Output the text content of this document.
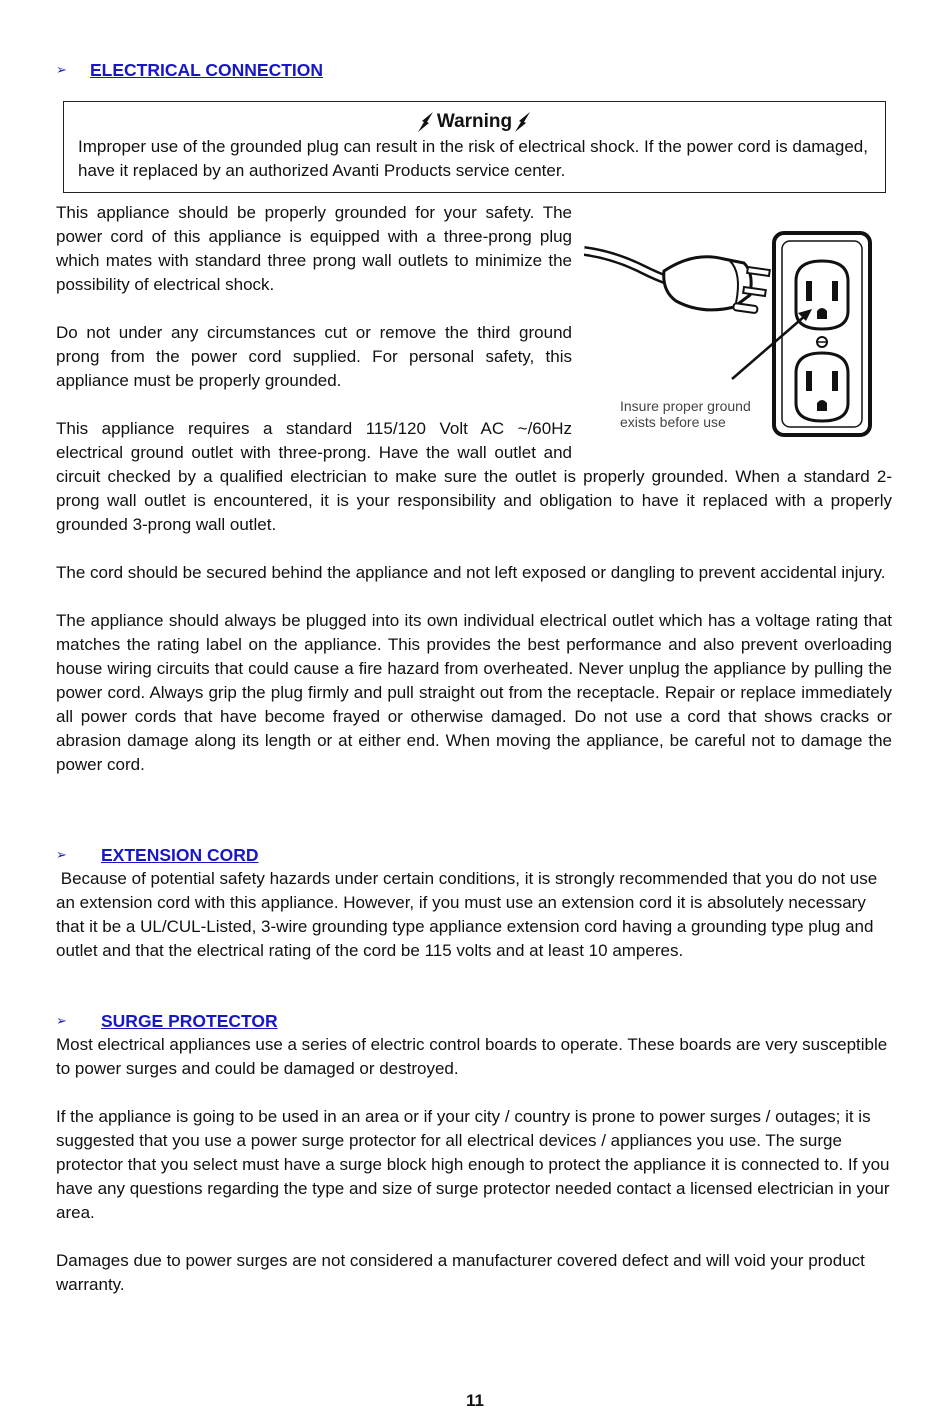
➢	ELECTRICAL CONNECTION
Warning
Improper use of the grounded plug can result in the risk of electrical shock. If the power cord is damaged, have it replaced by an authorized Avanti Products service center.
Insure proper ground
exists before use

This appliance should be properly grounded for your safety. The power cord of this appliance is equipped with a three-prong plug which mates with standard three prong wall outlets to minimize the possibility of electrical shock.

Do not under any circumstances cut or remove the third ground prong from the power cord supplied. For personal safety, this appliance must be properly grounded.

This appliance requires a standard 115/120 Volt AC ~/60Hz electrical ground outlet with three-prong. Have the wall outlet and circuit checked by a qualified electrician to make sure the outlet is properly grounded. When a standard 2-prong wall outlet is encountered, it is your responsibility and obligation to have it replaced with a properly grounded 3-prong wall outlet.

The cord should be secured behind the appliance and not left exposed or dangling to prevent accidental injury.

The appliance should always be plugged into its own individual electrical outlet which has a voltage rating that matches the rating label on the appliance. This provides the best performance and also prevent overloading house wiring circuits that could cause a fire hazard from overheated. Never unplug the appliance by pulling the power cord. Always grip the plug firmly and pull straight out from the receptacle. Repair or replace immediately all power cords that have become frayed or otherwise damaged. Do not use a cord that shows cracks or abrasion damage along its length or at either end. When moving the appliance, be careful not to damage the power cord.

➢	EXTENSION CORD

Because of potential safety hazards under certain conditions, it is strongly recommended that you do not use an extension cord with this appliance. However, if you must use an extension cord it is absolutely necessary that it be a UL/CUL-Listed, 3-wire grounding type appliance extension cord having a grounding type plug and outlet and that the electrical rating of the cord be 115 volts and at least 10 amperes.

➢	SURGE PROTECTOR

Most electrical appliances use a series of electric control boards to operate. These boards are very susceptible to power surges and could be damaged or destroyed.

If the appliance is going to be used in an area or if your city / country is prone to power surges / outages; it is suggested that you use a power surge protector for all electrical devices / appliances you use. The surge protector that you select must have a surge block high enough to protect the appliance it is connected to. If you have any questions regarding the type and size of surge protector needed contact a licensed electrician in your area.

Damages due to power surges are not considered a manufacturer covered defect and will void your product warranty.

11
